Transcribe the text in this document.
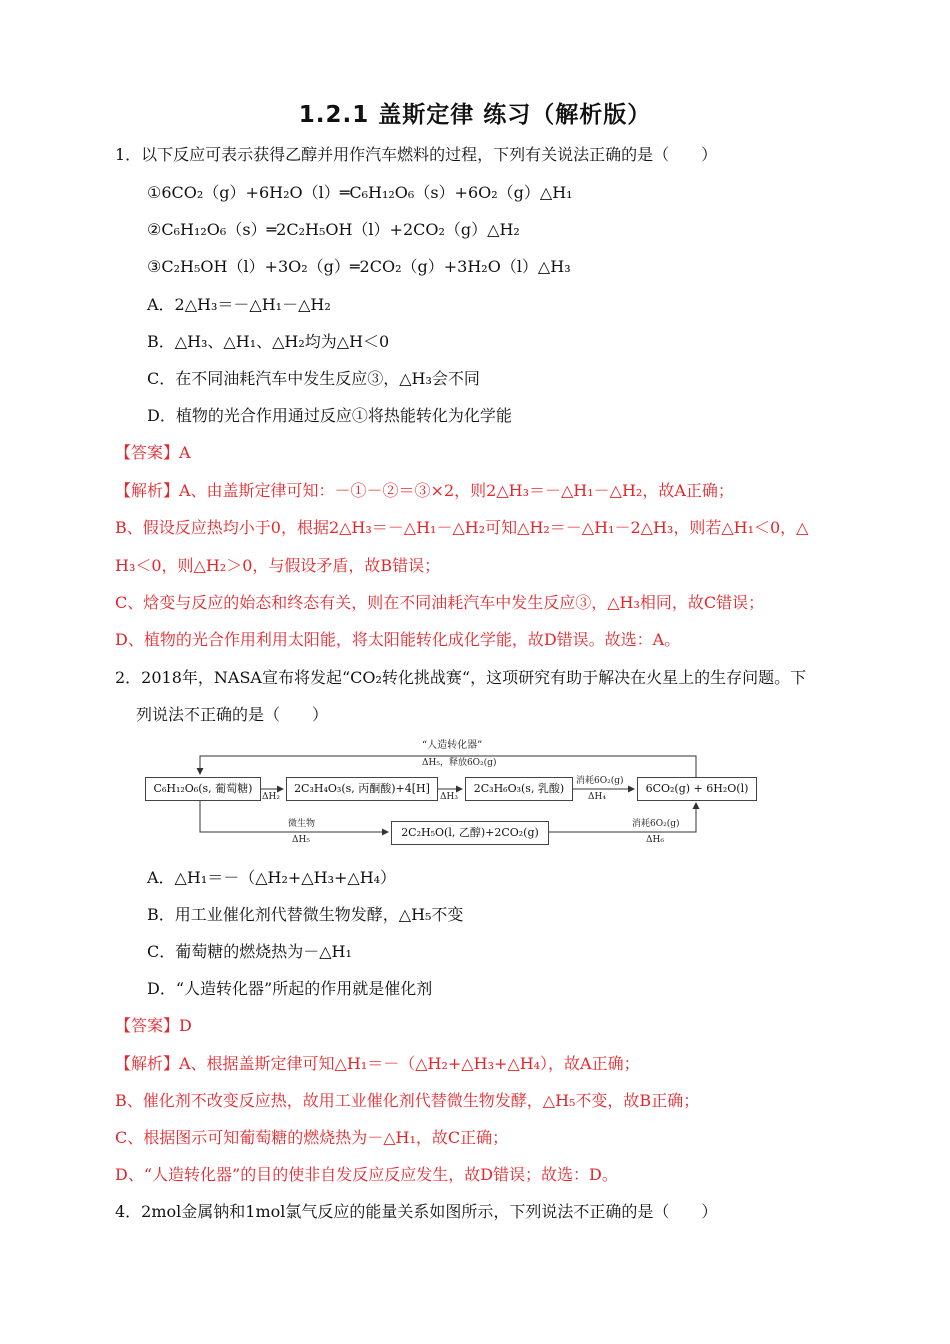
1.2.1 盖斯定律 练习（解析版）
1．以下反应可表示获得乙醇并用作汽车燃料的过程，下列有关说法正确的是（　　）
①6CO₂（g）+6H₂O（l）═C₆H₁₂O₆（s）+6O₂（g）△H₁
②C₆H₁₂O₆（s）═2C₂H₅OH（l）+2CO₂（g）△H₂
③C₂H₅OH（l）+3O₂（g）═2CO₂（g）+3H₂O（l）△H₃
A．2△H₃＝－△H₁－△H₂
B．△H₃、△H₁、△H₂均为△H＜0
C．在不同油耗汽车中发生反应③，△H₃会不同
D．植物的光合作用通过反应①将热能转化为化学能
【答案】A
【解析】A、由盖斯定律可知：－①－②＝③×2，则2△H₃＝－△H₁－△H₂，故A正确；
B、假设反应热均小于0，根据2△H₃＝－△H₁－△H₂可知△H₂＝－△H₁－2△H₃，则若△H₁＜0，△
H₃＜0，则△H₂＞0，与假设矛盾，故B错误；
C、焓变与反应的始态和终态有关，则在不同油耗汽车中发生反应③，△H₃相同，故C错误；
D、植物的光合作用利用太阳能，将太阳能转化成化学能，故D错误。故选：A。
2．2018年，NASA宣布将发起“CO₂转化挑战赛“，这项研究有助于解决在火星上的生存问题。下
列说法不正确的是（　　）
“人造转化器”
ΔH₅，释放6O₂(g)
C₆H₁₂O₆(s, 葡萄糖)	2C₃H₄O₃(s, 丙酮酸)+4[H]	2C₃H₆O₃(s, 乳酸)	6CO₂(g) + 6H₂O(l)
2C₂H₅O(l, 乙醇)+2CO₂(g)
ΔH₂	ΔH₃
消耗6O₂(g)
ΔH₄
微生物
ΔH₅
消耗6O₂(g)
ΔH₆
A．△H₁＝－（△H₂+△H₃+△H₄）
B．用工业催化剂代替微生物发酵，△H₅不变
C．葡萄糖的燃烧热为－△H₁
D．“人造转化器”所起的作用就是催化剂
【答案】D
【解析】A、根据盖斯定律可知△H₁＝－（△H₂+△H₃+△H₄），故A正确；
B、催化剂不改变反应热，故用工业催化剂代替微生物发酵，△H₅不变，故B正确；
C、根据图示可知葡萄糖的燃烧热为－△H₁，故C正确；
D、“人造转化器”的目的使非自发反应反应发生，故D错误；故选：D。
4．2mol金属钠和1mol氯气反应的能量关系如图所示，下列说法不正确的是（　　）
